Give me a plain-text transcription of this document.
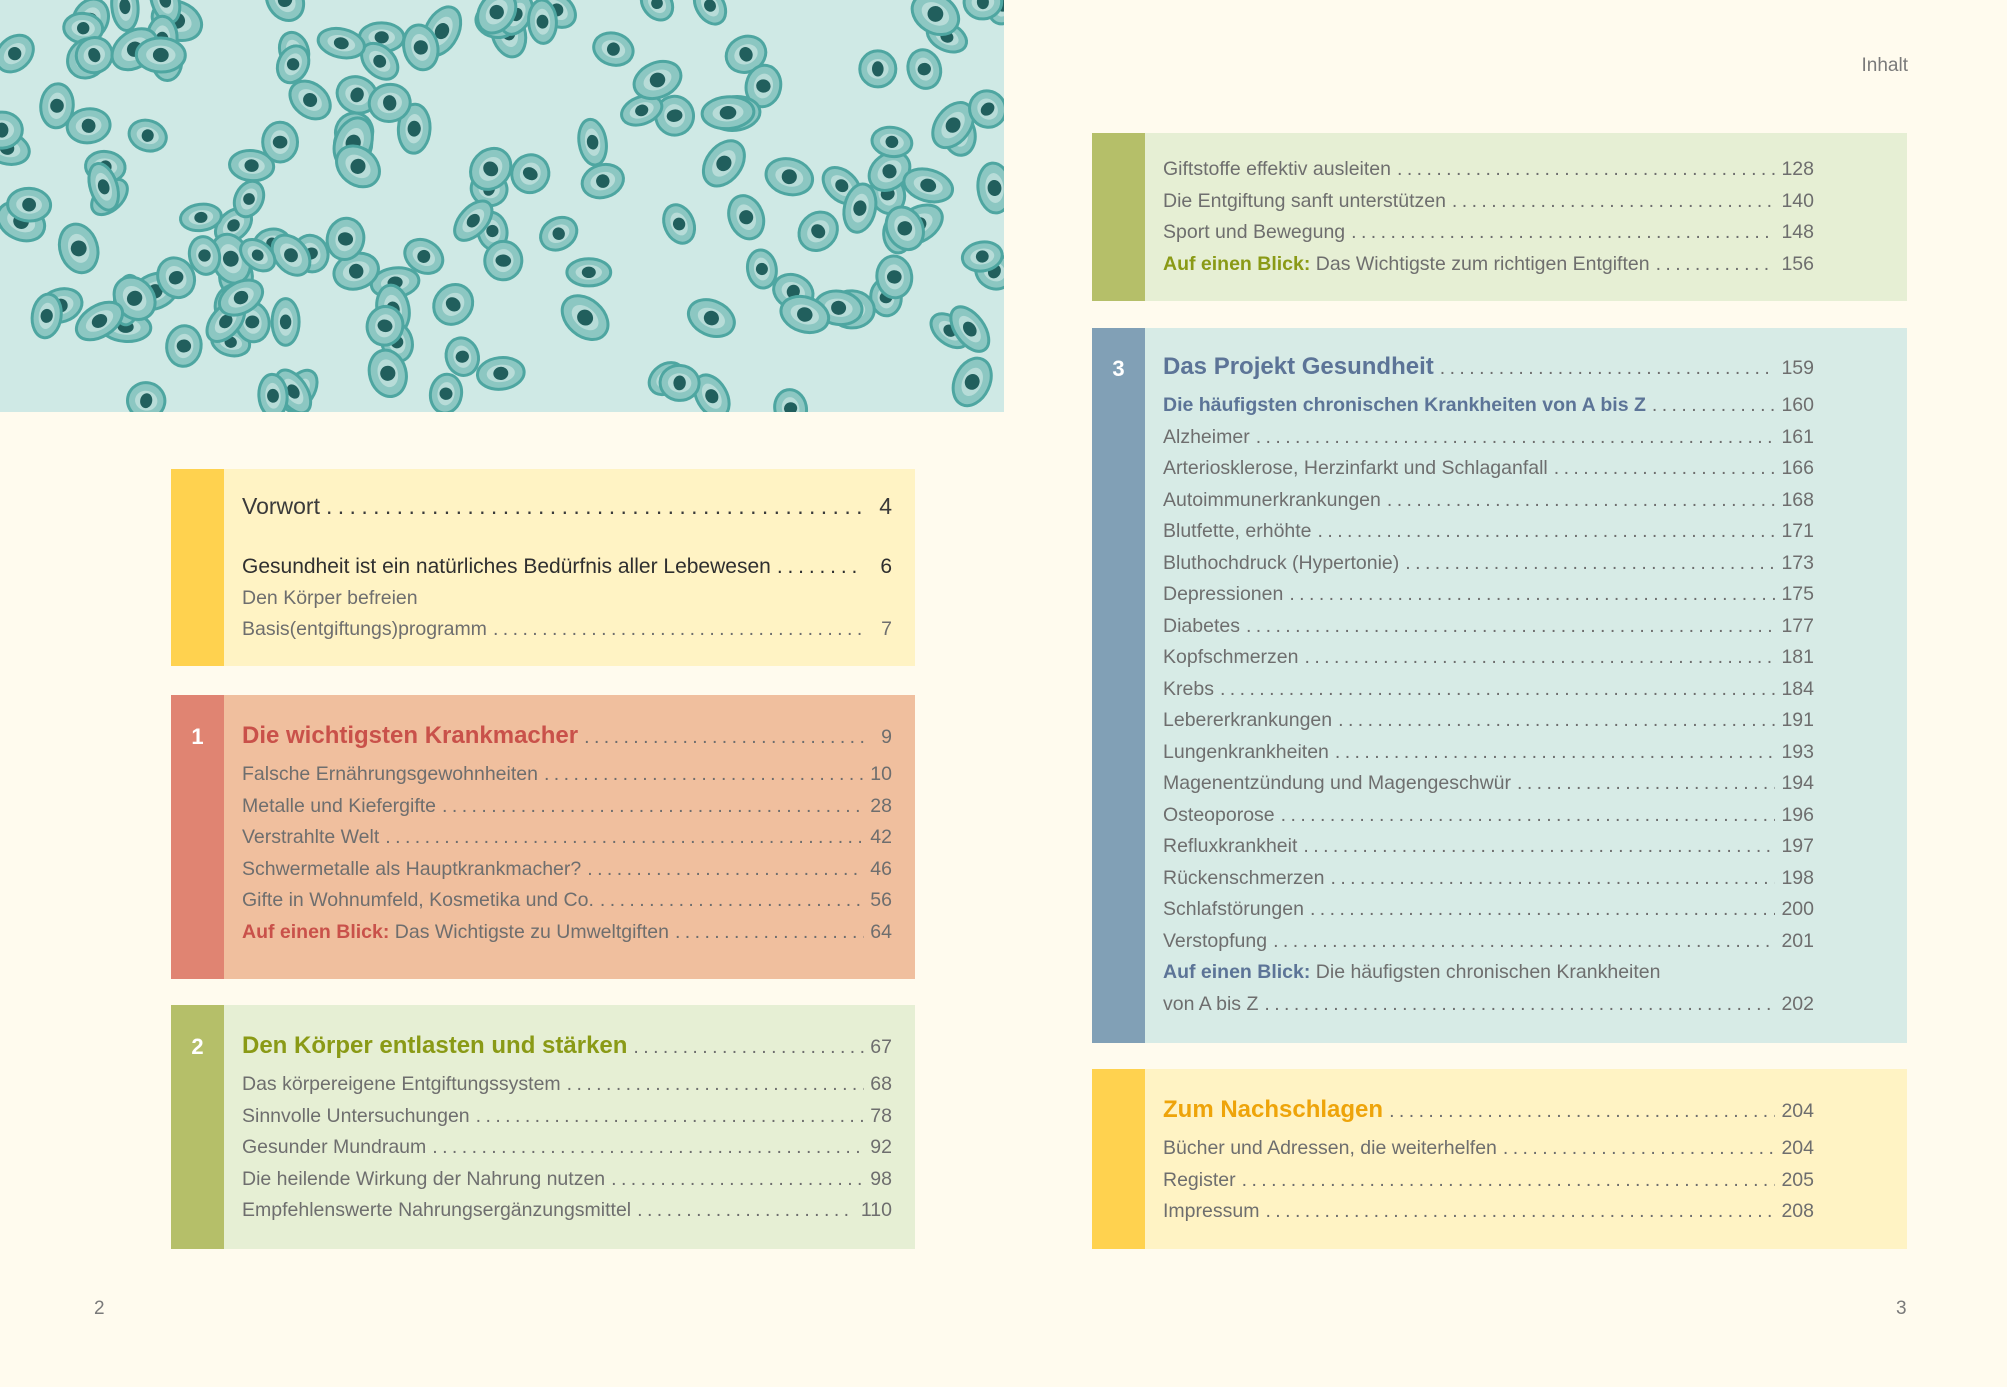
Inhalt
2	3
Vorwort . . .	4
Gesundheit ist ein natürliches Bedürfnis aller Lebewesen . . .	6
Den Körper befreien
Basis(entgiftungs)programm . . .	7
1	Die wichtigsten Krankmacher . . .	9
Falsche Ernährungsgewohnheiten . . .	10
Metalle und Kiefergifte . . .	28
Verstrahlte Welt . . .	42
Schwermetalle als Hauptkrankmacher? . . .	46
Gifte in Wohnumfeld, Kosmetika und Co. . . .	56
Auf einen Blick: Das Wichtigste zu Umweltgiften . . .	64
2	Den Körper entlasten und stärken . . .	67
Das körpereigene Entgiftungssystem . . .	68
Sinnvolle Untersuchungen . . .	78
Gesunder Mundraum . . .	92
Die heilende Wirkung der Nahrung nutzen . . .	98
Empfehlenswerte Nahrungsergänzungsmittel . . .	110
Giftstoffe effektiv ausleiten . . .	128
Die Entgiftung sanft unterstützen . . .	140
Sport und Bewegung . . .	148
Auf einen Blick: Das Wichtigste zum richtigen Entgiften . . .	156
3	Das Projekt Gesundheit . . .	159
Die häufigsten chronischen Krankheiten von A bis Z . . .	160
Alzheimer . . .	161
Arteriosklerose, Herzinfarkt und Schlaganfall . . .	166
Autoimmunerkrankungen . . .	168
Blutfette, erhöhte . . .	171
Bluthochdruck (Hypertonie) . . .	173
Depressionen . . .	175
Diabetes . . .	177
Kopfschmerzen . . .	181
Krebs . . .	184
Lebererkrankungen . . .	191
Lungenkrankheiten . . .	193
Magenentzündung und Magengeschwür . . .	194
Osteoporose . . .	196
Refluxkrankheit . . .	197
Rückenschmerzen . . .	198
Schlafstörungen . . .	200
Verstopfung . . .	201
Auf einen Blick: Die häufigsten chronischen Krankheiten
von A bis Z . . .	202
Zum Nachschlagen . . .	204
Bücher und Adressen, die weiterhelfen . . .	204
Register . . .	205
Impressum . . .	208
